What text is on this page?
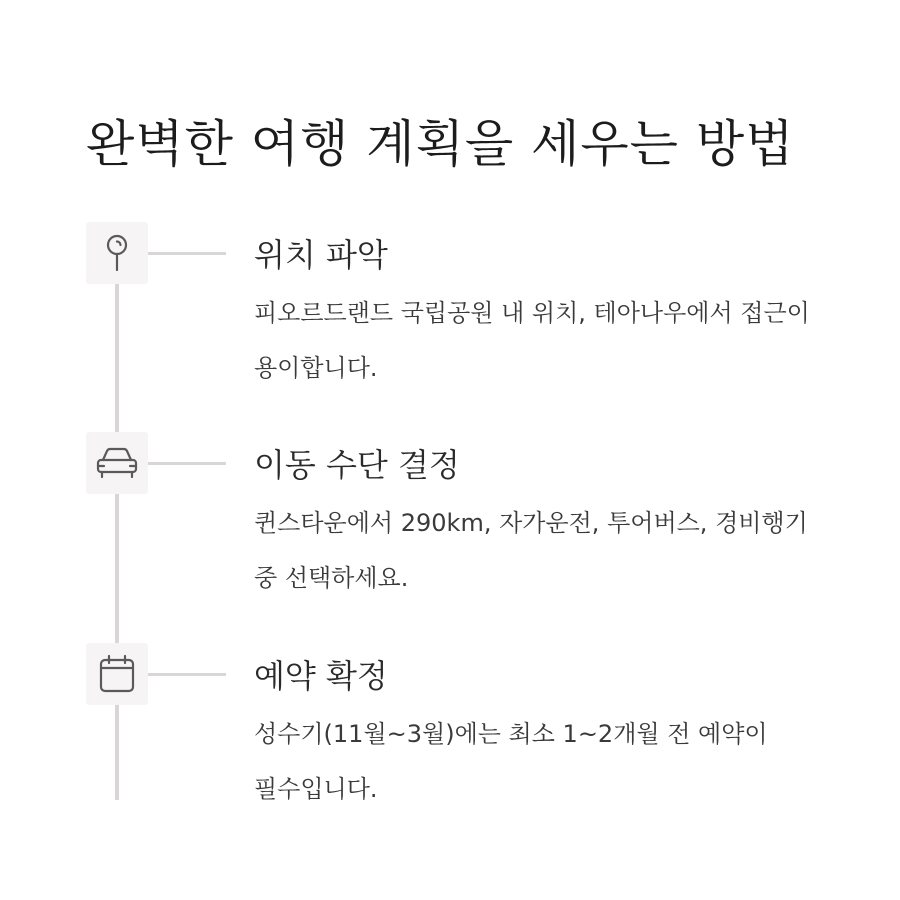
완벽한 여행 계획을 세우는 방법
위치 파악

피오르드랜드 국립공원 내 위치, 테아나우에서 접근이 용이합니다.

이동 수단 결정

퀸스타운에서 290km, 자가운전, 투어버스, 경비행기 중 선택하세요.

예약 확정

성수기(11월~3월)에는 최소 1~2개월 전 예약이 필수입니다.
